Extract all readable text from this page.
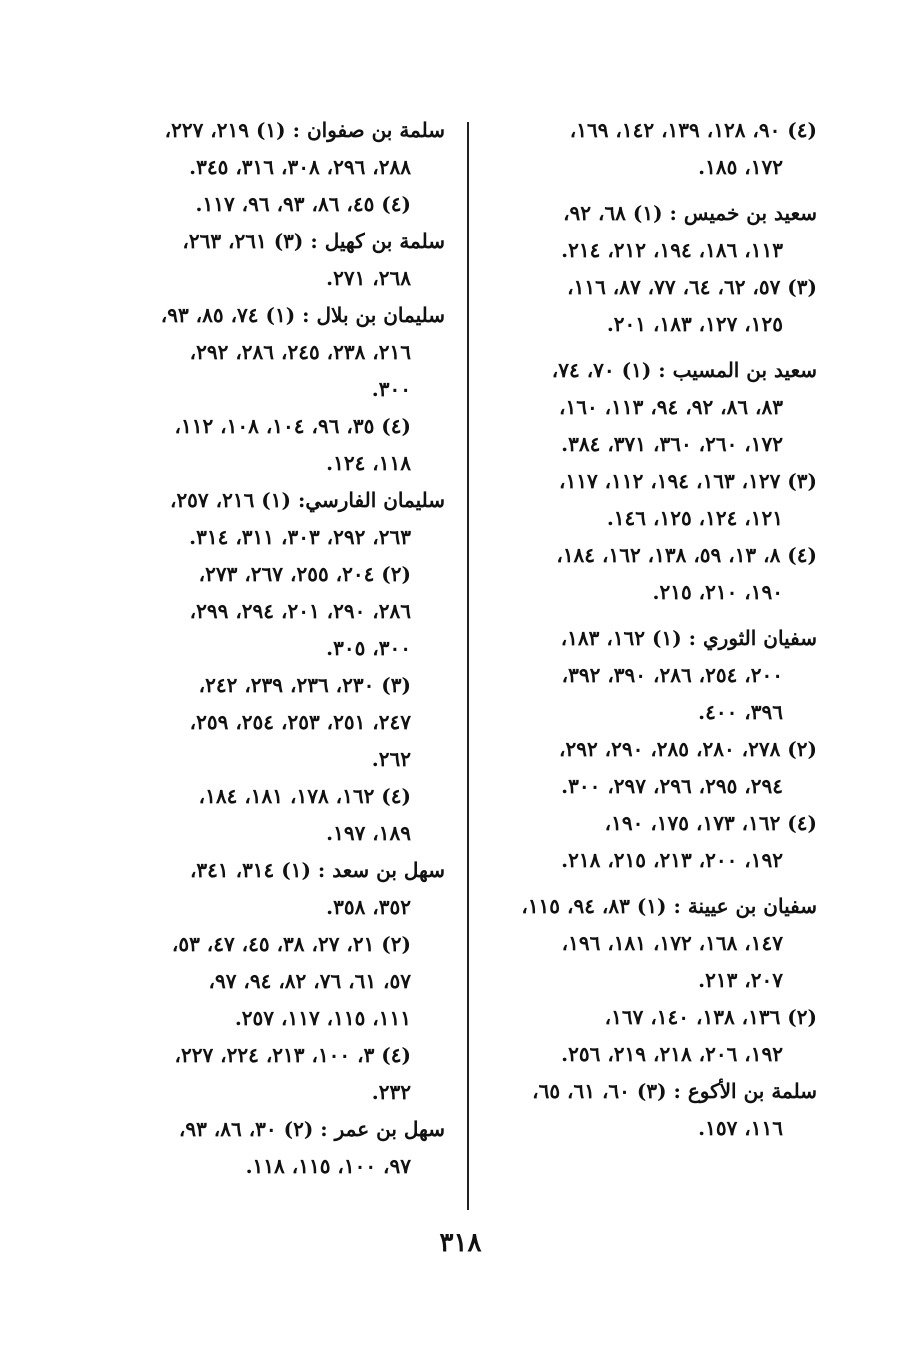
(٤) ٩٠، ١٢٨، ١٣٩، ١٤٢، ١٦٩،
١٧٢، ١٨٥.
سعيد بن خميس : (١) ٦٨، ٩٢،
١١٣، ١٨٦، ١٩٤، ٢١٢، ٢١٤.
(٣) ٥٧، ٦٢، ٦٤، ٧٧، ٨٧، ١١٦،
١٢٥، ١٢٧، ١٨٣، ٢٠١.
سعيد بن المسيب : (١) ٧٠، ٧٤،
٨٣، ٨٦، ٩٢، ٩٤، ١١٣، ١٦٠،
١٧٢، ٢٦٠، ٣٦٠، ٣٧١، ٣٨٤.
(٣) ١٢٧، ١٦٣، ١٩٤، ١١٢، ١١٧،
١٢١، ١٢٤، ١٢٥، ١٤٦.
(٤) ٨، ١٣، ٥٩، ١٣٨، ١٦٢، ١٨٤،
١٩٠، ٢١٠، ٢١٥.
سفيان الثوري : (١) ١٦٢، ١٨٣،
٢٠٠، ٢٥٤، ٢٨٦، ٣٩٠، ٣٩٢،
٣٩٦، ٤٠٠.
(٢) ٢٧٨، ٢٨٠، ٢٨٥، ٢٩٠، ٢٩٢،
٢٩٤، ٢٩٥، ٢٩٦، ٢٩٧، ٣٠٠.
(٤) ١٦٢، ١٧٣، ١٧٥، ١٩٠،
١٩٢، ٢٠٠، ٢١٣، ٢١٥، ٢١٨.
سفيان بن عيينة : (١) ٨٣، ٩٤، ١١٥،
١٤٧، ١٦٨، ١٧٢، ١٨١، ١٩٦،
٢٠٧، ٢١٣.
(٢) ١٣٦، ١٣٨، ١٤٠، ١٦٧،
١٩٢، ٢٠٦، ٢١٨، ٢١٩، ٢٥٦.
سلمة بن الأكوع : (٣) ٦٠، ٦١، ٦٥،
١١٦، ١٥٧.
سلمة بن صفوان : (١) ٢١٩، ٢٢٧،
٢٨٨، ٢٩٦، ٣٠٨، ٣١٦، ٣٤٥.
(٤) ٤٥، ٨٦، ٩٣، ٩٦، ١١٧.
سلمة بن كهيل : (٣) ٢٦١، ٢٦٣،
٢٦٨، ٢٧١.
سليمان بن بلال : (١) ٧٤، ٨٥، ٩٣،
٢١٦، ٢٣٨، ٢٤٥، ٢٨٦، ٢٩٢،
٣٠٠.
(٤) ٣٥، ٩٦، ١٠٤، ١٠٨، ١١٢،
١١٨، ١٢٤.
سليمان الفارسي: (١) ٢١٦، ٢٥٧،
٢٦٣، ٢٩٢، ٣٠٣، ٣١١، ٣١٤.
(٢) ٢٠٤، ٢٥٥، ٢٦٧، ٢٧٣،
٢٨٦، ٢٩٠، ٢٠١، ٢٩٤، ٢٩٩،
٣٠٠، ٣٠٥.
(٣) ٢٣٠، ٢٣٦، ٢٣٩، ٢٤٢،
٢٤٧، ٢٥١، ٢٥٣، ٢٥٤، ٢٥٩،
٢٦٢.
(٤) ١٦٢، ١٧٨، ١٨١، ١٨٤،
١٨٩، ١٩٧.
سهل بن سعد : (١) ٣١٤، ٣٤١،
٣٥٢، ٣٥٨.
(٢) ٢١، ٢٧، ٣٨، ٤٥، ٤٧، ٥٣،
٥٧، ٦١، ٧٦، ٨٢، ٩٤، ٩٧،
١١١، ١١٥، ١١٧، ٢٥٧.
(٤) ٣، ١٠٠، ٢١٣، ٢٢٤، ٢٢٧،
٢٣٢.
سهل بن عمر : (٢) ٣٠، ٨٦، ٩٣،
٩٧، ١٠٠، ١١٥، ١١٨.
٣١٨
